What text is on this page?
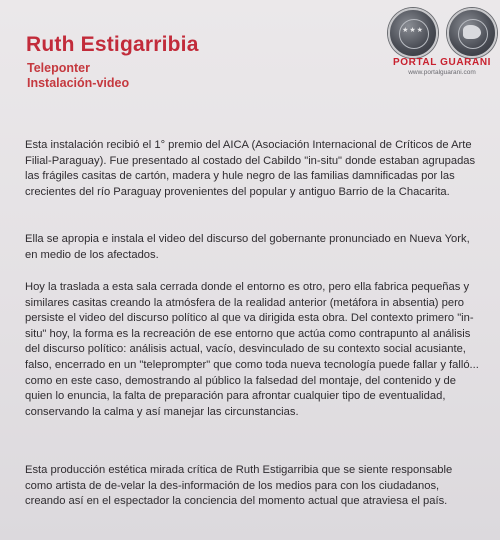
Ruth Estigarribia
Teleponter
Instalación-video
★★★
PORTAL GUARANI
www.portalguarani.com

Esta instalación recibió el 1° premio del AICA (Asociación Internacional de Críticos de Arte Filial-Paraguay). Fue presentado al costado del Cabildo "in-situ" donde estaban agrupadas las frágiles casitas de cartón, madera y hule negro de las familias damnificadas por las crecientes del río Paraguay provenientes del popular y antiguo Barrio de la Chacarita.

Ella se apropia e instala el video del discurso del gobernante pronunciado en Nueva York, en medio de los afectados.

Hoy la traslada a esta sala cerrada donde el entorno es otro, pero ella fabrica pequeñas y similares casitas creando la atmósfera de la realidad anterior (metáfora in absentia) pero persiste el video del discurso político al que va dirigida esta obra. Del contexto primero "in-situ" hoy, la forma es la recreación de ese entorno que actúa como contrapunto al análisis del discurso político: análisis actual, vacío, desvinculado de su contexto social acusiante, falso, encerrado en un "teleprompter" que como toda nueva tecnología puede fallar y falló... como en este caso, demostrando al público la falsedad del montaje, del contenido y de quien lo enuncia, la falta de preparación para afrontar cualquier tipo de eventualidad, conservando la calma y así manejar las circunstancias.

Esta producción estética mirada crítica de Ruth Estigarribia que se siente responsable como artista de de-velar la des-información de los medios para con los ciudadanos, creando así en el espectador la conciencia del momento actual que atraviesa el país.
